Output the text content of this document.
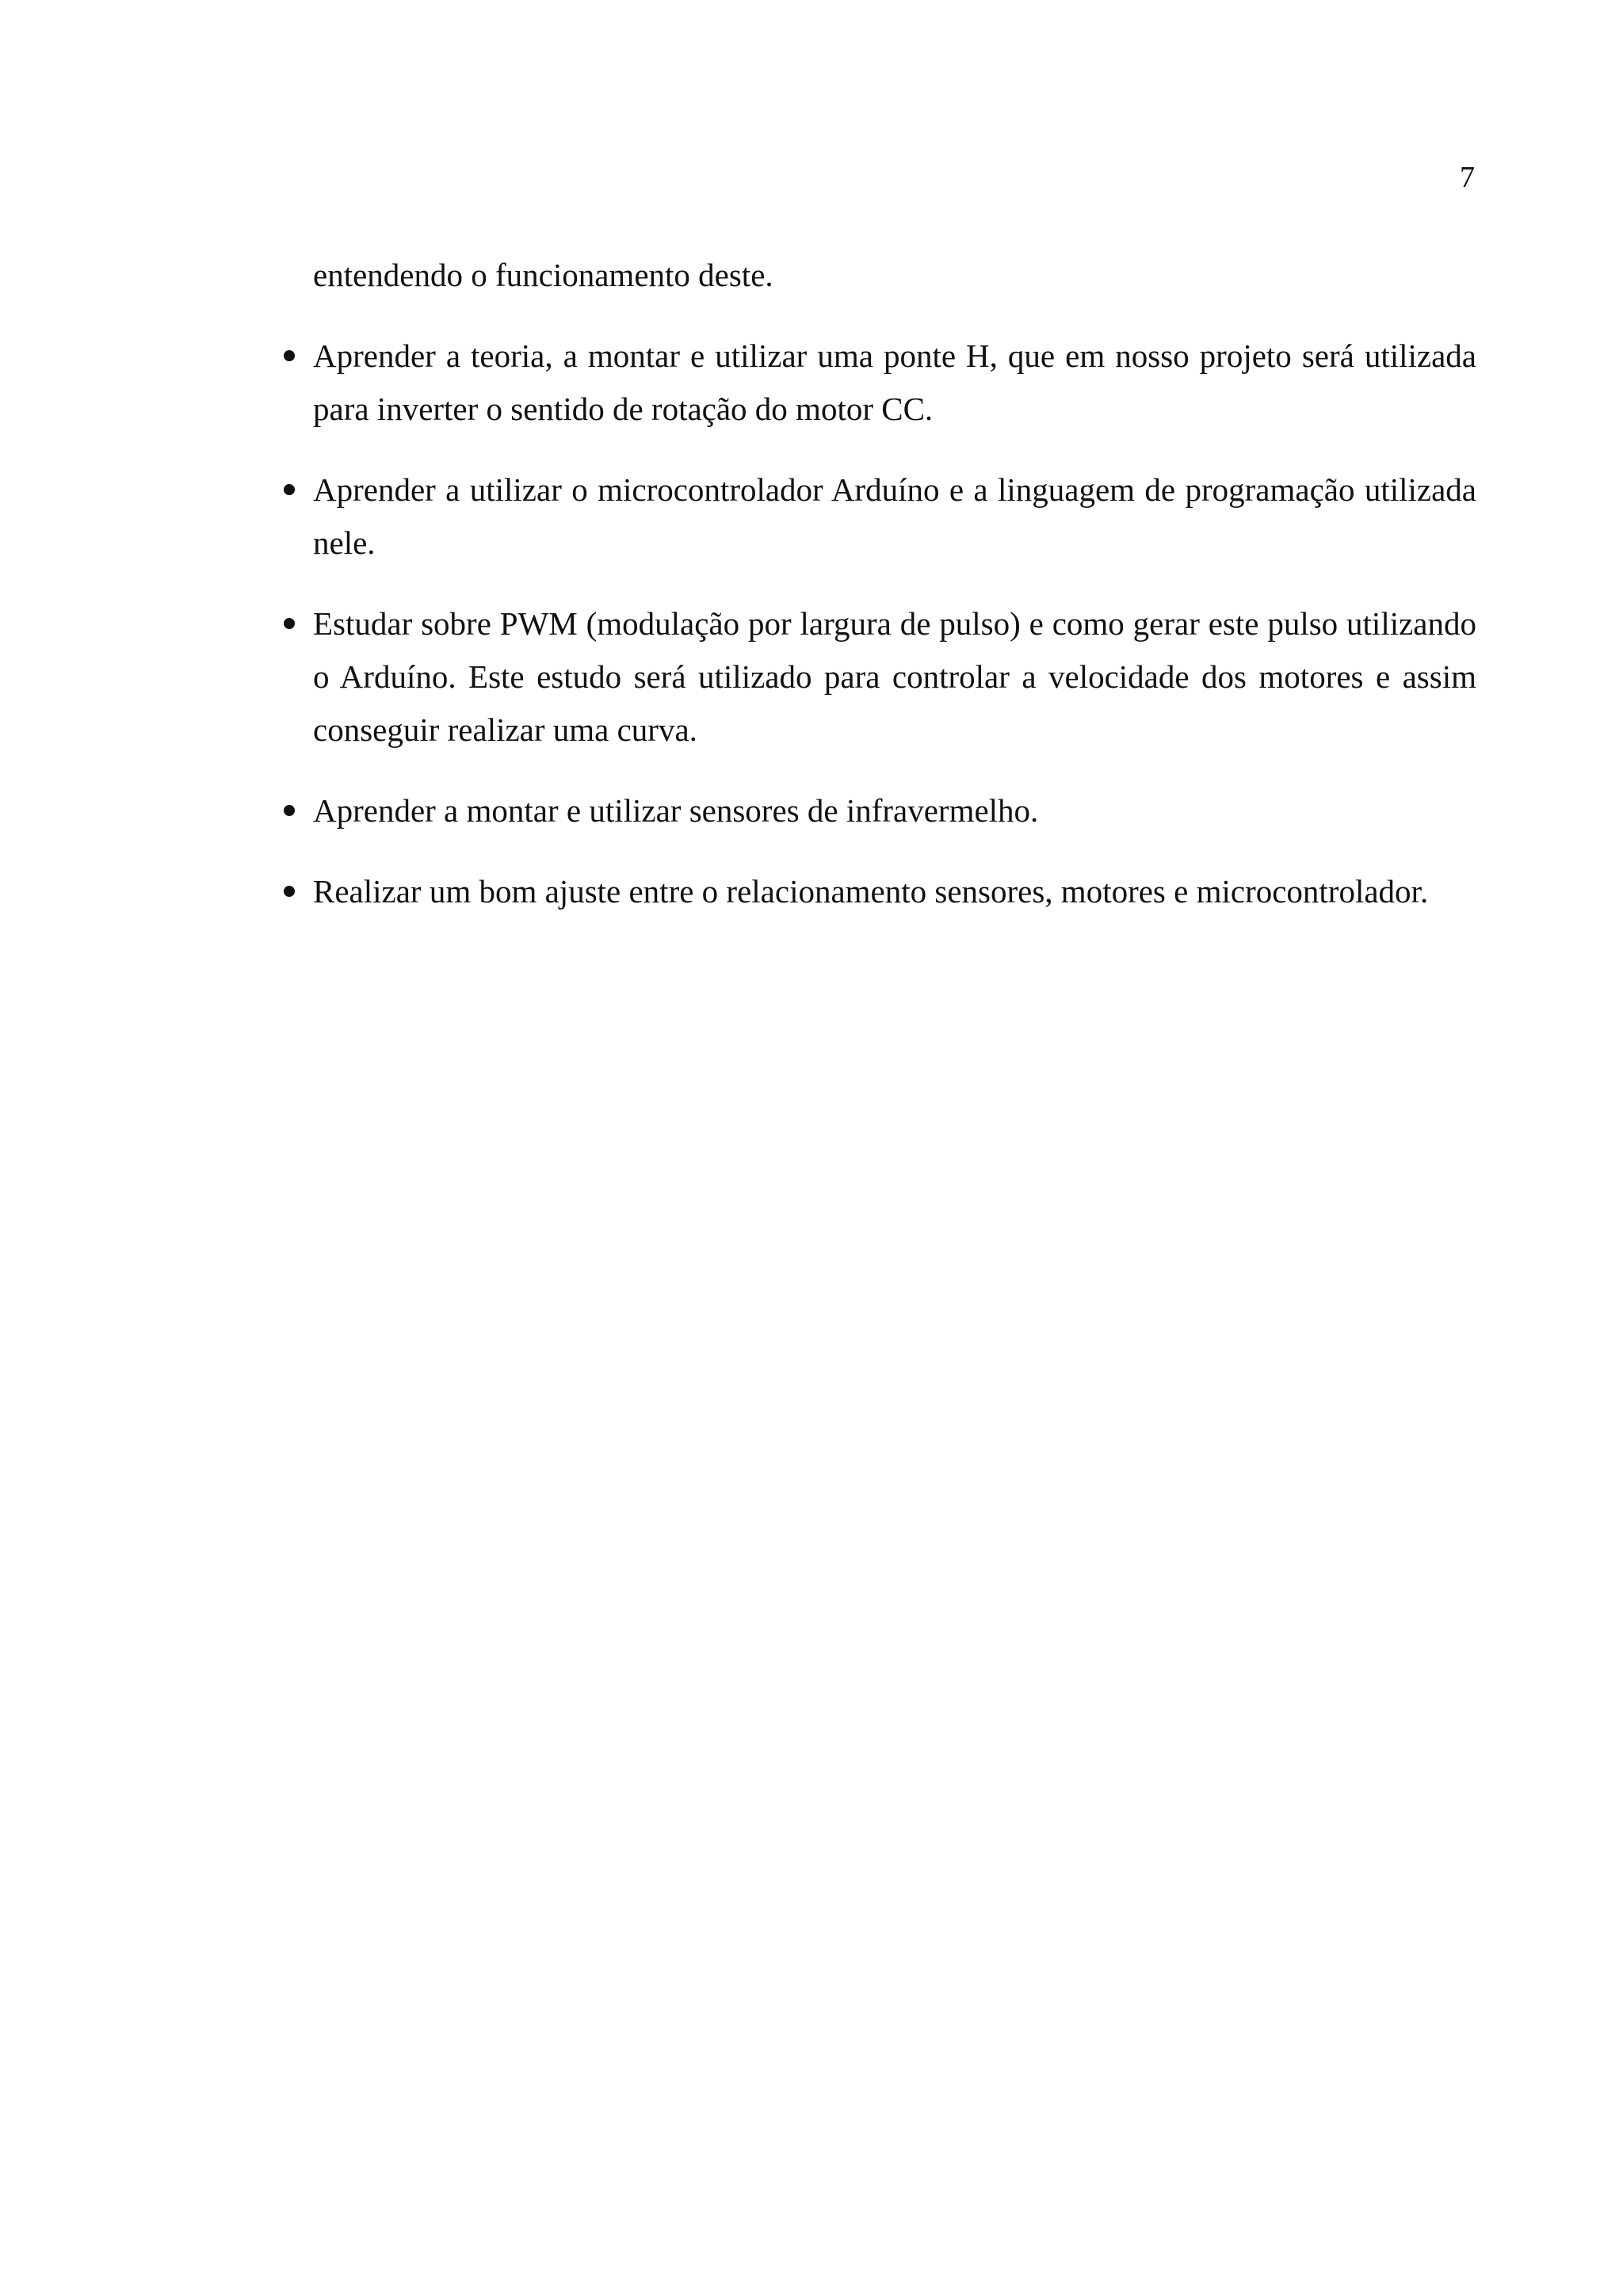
7

entendendo o funcionamento deste.

Aprender a teoria, a montar e utilizar uma ponte H, que em nosso projeto será utilizada para inverter o sentido de rotação do motor CC.
Aprender a utilizar o microcontrolador Arduíno e a linguagem de programação utilizada nele.
Estudar sobre PWM (modulação por largura de pulso) e como gerar este pulso utilizando o Arduíno. Este estudo será utilizado para controlar a velocidade dos motores e assim conseguir realizar uma curva.
Aprender a montar e utilizar sensores de infravermelho.
Realizar um bom ajuste entre o relacionamento sensores, motores e microcontrolador.
